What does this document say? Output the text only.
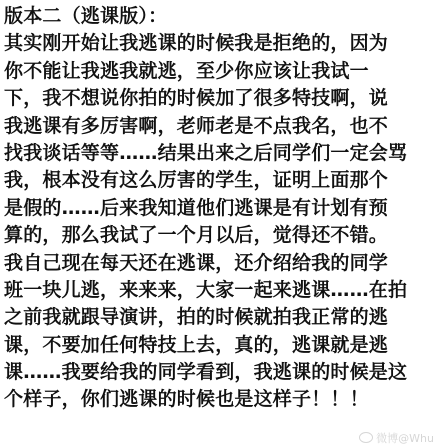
版本二（逃课版）：
其实刚开始让我逃课的时候我是拒绝的，因为
你不能让我逃我就逃，至少你应该让我试一
下，我不想说你拍的时候加了很多特技啊，说
我逃课有多厉害啊，老师老是不点我名，也不
找我谈话等等……结果出来之后同学们一定会骂
我，根本没有这么厉害的学生，证明上面那个
是假的……后来我知道他们逃课是有计划有预
算的，那么我试了一个月以后，觉得还不错。
我自己现在每天还在逃课，还介绍给我的同学
班一块儿逃，来来来，大家一起来逃课……在拍
之前我就跟导演讲，拍的时候就拍我正常的逃
课，不要加任何特技上去，真的，逃课就是逃
课……我要给我的同学看到，我逃课的时候是这
个样子，你们逃课的时候也是这样子！！！
微博@Whu
